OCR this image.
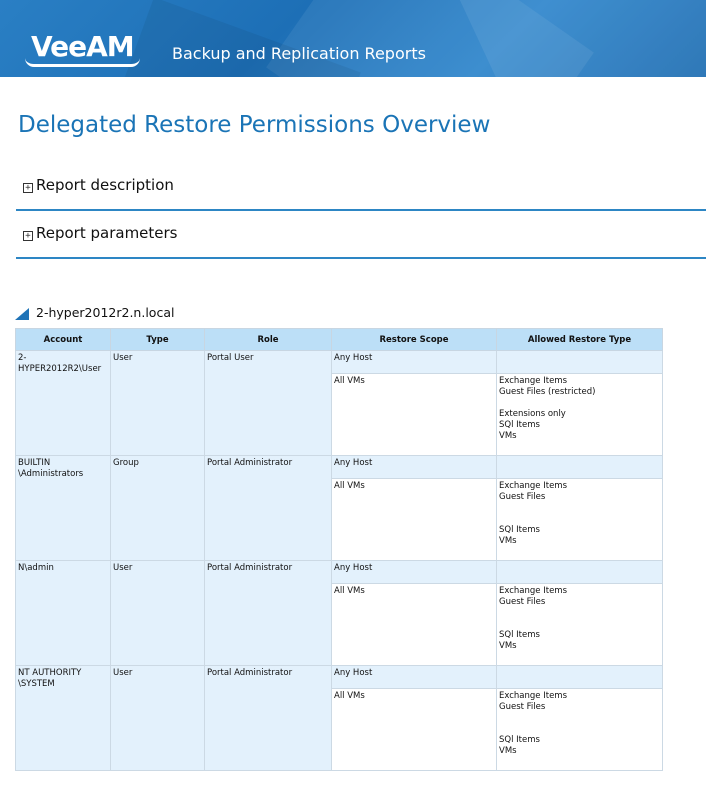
VeeAM	Backup and Replication Reports
Delegated Restore Permissions Overview
+ Report description
+ Report parameters
2-hyper2012r2.n.local
Account	Type	Role	Restore Scope	Allowed Restore Type
2-
HYPER2012R2\User	User	Portal User	Any Host	
			All VMs	Exchange Items
Guest Files (restricted)
Extensions only
SQl Items
VMs

BUILTIN
\Administrators	Group	Portal Administrator	Any Host	
			All VMs	Exchange Items
Guest Files
SQl Items
VMs

N\admin	User	Portal Administrator	Any Host	
			All VMs	Exchange Items
Guest Files
SQl Items
VMs

NT AUTHORITY
\SYSTEM	User	Portal Administrator	Any Host	
			All VMs	Exchange Items
Guest Files
SQl Items
VMs
